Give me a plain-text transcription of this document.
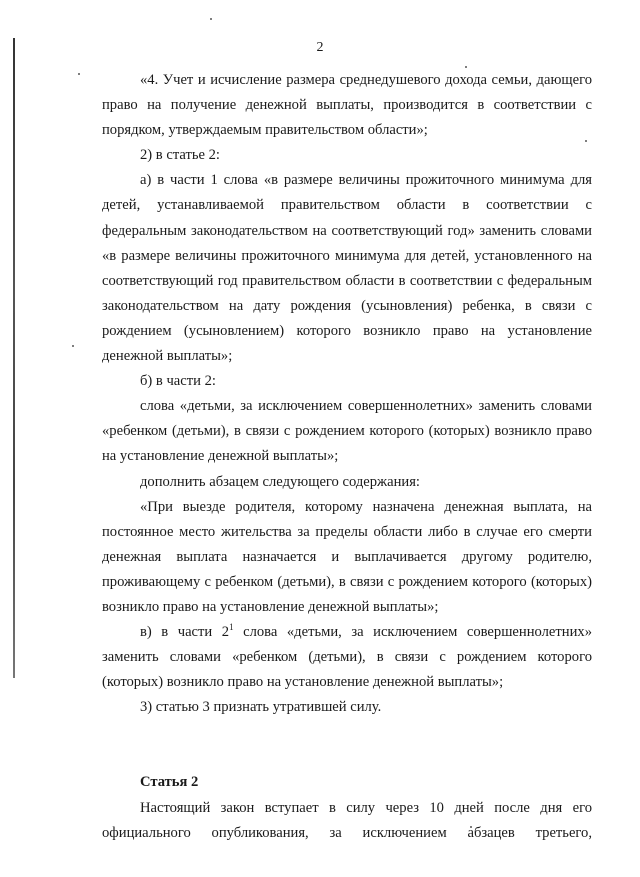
2

«4. Учет и исчисление размера среднедушевого дохода семьи, дающего право на получение денежной выплаты, производится в соответствии с порядком, утверждаемым правительством области»;

2) в статье 2:

а) в части 1 слова «в размере величины прожиточного минимума для детей, устанавливаемой правительством области в соответствии с федеральным законодательством на соответствующий год» заменить словами «в размере величины прожиточного минимума для детей, установленного на соответствующий год правительством области в соответствии с федеральным законодательством на дату рождения (усыновления) ребенка, в связи с рождением (усыновлением) которого возникло право на установление денежной выплаты»;

б) в части 2:

слова «детьми, за исключением совершеннолетних» заменить словами «ребенком (детьми), в связи с рождением которого (которых) возникло право на установление денежной выплаты»;

дополнить абзацем следующего содержания:

«При выезде родителя, которому назначена денежная выплата, на постоянное место жительства за пределы области либо в случае его смерти денежная выплата назначается и выплачивается другому родителю, проживающему с ребенком (детьми), в связи с рождением которого (которых) возникло право на установление денежной выплаты»;

в) в части $2^1$ слова «детьми, за исключением совершеннолетних» заменить словами «ребенком (детьми), в связи с рождением которого (которых) возникло право на установление денежной выплаты»;

3) статью 3 признать утратившей силу.

Статья 2

Настоящий закон вступает в силу через 10 дней после дня его официального опубликования, за исключением абзацев третьего,
